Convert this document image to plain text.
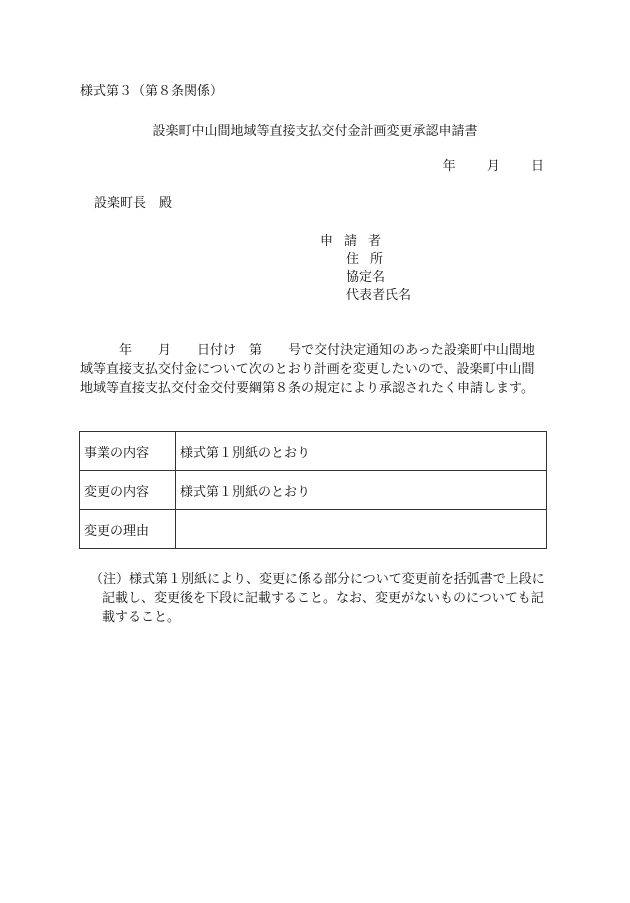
様式第３（第８条関係）
設楽町中山間地域等直接支払交付金計画変更承認申請書
年 月 日
設楽町長　殿
申請者
住所
協定名
代表者氏名
年 月 日付け 第 号で交付決定通知のあった設楽町中山間地
域等直接支払交付金について次のとおり計画を変更したいので、設楽町中山間
地域等直接支払交付金交付要綱第８条の規定により承認されたく申請します。
事業の内容	様式第１別紙のとおり
変更の内容	様式第１別紙のとおり
変更の理由	
（注）様式第１別紙により、変更に係る部分について変更前を括弧書で上段に
記載し、変更後を下段に記載すること。なお、変更がないものについても記
載すること。
